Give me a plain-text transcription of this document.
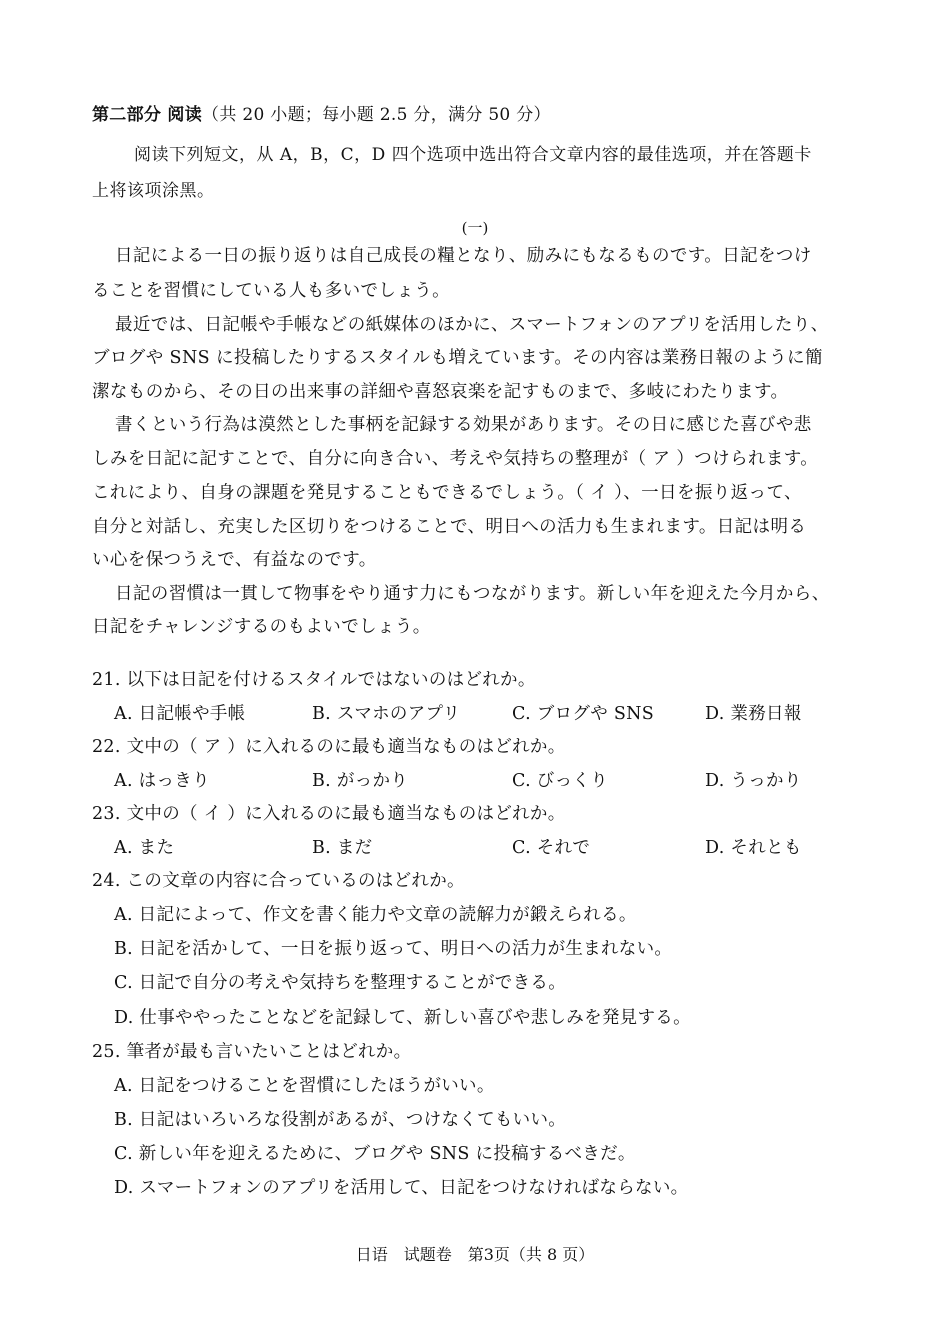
第二部分 阅读（共 20 小题；每小题 2.5 分，满分 50 分）
阅读下列短文，从 A，B，C，D 四个选项中选出符合文章内容的最佳选项，并在答题卡
上将该项涂黑。
(一)
日記による一日の振り返りは自己成長の糧となり、励みにもなるものです。日記をつけ
ることを習慣にしている人も多いでしょう。
最近では、日記帳や手帳などの紙媒体のほかに、スマートフォンのアプリを活用したり、
ブログや SNS に投稿したりするスタイルも増えています。その内容は業務日報のように簡
潔なものから、その日の出来事の詳細や喜怒哀楽を記すものまで、多岐にわたります。
書くという行為は漠然とした事柄を記録する効果があります。その日に感じた喜びや悲
しみを日記に記すことで、自分に向き合い、考えや気持ちの整理が（ ア ）つけられます。
これにより、自身の課題を発見することもできるでしょう。（ イ ）、一日を振り返って、
自分と対話し、充実した区切りをつけることで、明日への活力も生まれます。日記は明る
い心を保つうえで、有益なのです。
日記の習慣は一貫して物事をやり通す力にもつながります。新しい年を迎えた今月から、
日記をチャレンジするのもよいでしょう。
21. 以下は日記を付けるスタイルではないのはどれか。
A. 日記帳や手帳	B. スマホのアプリ	C. ブログや SNS	D. 業務日報
22. 文中の（ ア ）に入れるのに最も適当なものはどれか。
A. はっきり	B. がっかり	C. びっくり	D. うっかり
23. 文中の（ イ ）に入れるのに最も適当なものはどれか。
A. また	B. まだ	C. それで	D. それとも
24. この文章の内容に合っているのはどれか。
A. 日記によって、作文を書く能力や文章の読解力が鍛えられる。
B. 日記を活かして、一日を振り返って、明日への活力が生まれない。
C. 日記で自分の考えや気持ちを整理することができる。
D. 仕事ややったことなどを記録して、新しい喜びや悲しみを発見する。
25. 筆者が最も言いたいことはどれか。
A. 日記をつけることを習慣にしたほうがいい。
B. 日記はいろいろな役割があるが、つけなくてもいい。
C. 新しい年を迎えるために、ブログや SNS に投稿するべきだ。
D. スマートフォンのアプリを活用して、日記をつけなければならない。
日语　试题卷　第3页（共 8 页）
